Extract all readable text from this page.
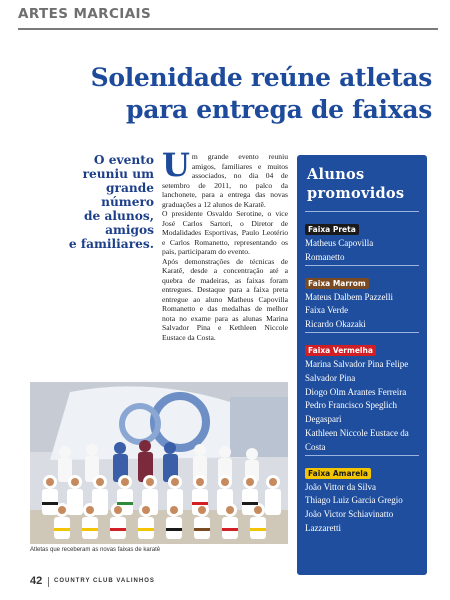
ARTES MARCIAIS
Solenidade reúne atletas
para entrega de faixas
O evento
reuniu um
grande
número
de alunos,
amigos
e familiares.
U m grande evento reuniu amigos, familiares e muitos associados, no dia 04 de setembro de 2011, no palco da lanchonete, para a entrega das novas graduações a 12 alunos de Karatê.

O presidente Osvaldo Serotine, o vice José Carlos Sartori, o Diretor de Modalidades Esportivas, Paulo Leotério e Carlos Romanetto, representando os pais, participaram do evento.

Após demonstrações de técnicas de Karatê, desde a concentração até a quebra de madeiras, as faixas foram entregues. Destaque para a faixa preta entregue ao aluno Matheus Capovilla Romanetto e das medalhas de melhor nota no exame para as alunas Marina Salvador Pina e Kethleen Niccole Eustace da Costa.

Alunos
promovidos
Faixa Preta
Matheus Capovilla
Romanetto
Faixa Marrom
Mateus Dalbem Pazzelli
Faixa Verde
Ricardo Okazaki
Faixa Vermelha
Marina Salvador Pina Felipe
Salvador Pina
Diogo Olm Arantes Ferreira
Pedro Francisco Speglich
Degaspari
Kathleen Niccole Eustace da
Costa
Faixa Amarela
João Vittor da Silva
Thiago Luiz Garcia Gregio
João Victor Schiavinatto
Lazzaretti
Atletas que receberam as novas faixas de karatê
42 COUNTRY CLUB VALINHOS
